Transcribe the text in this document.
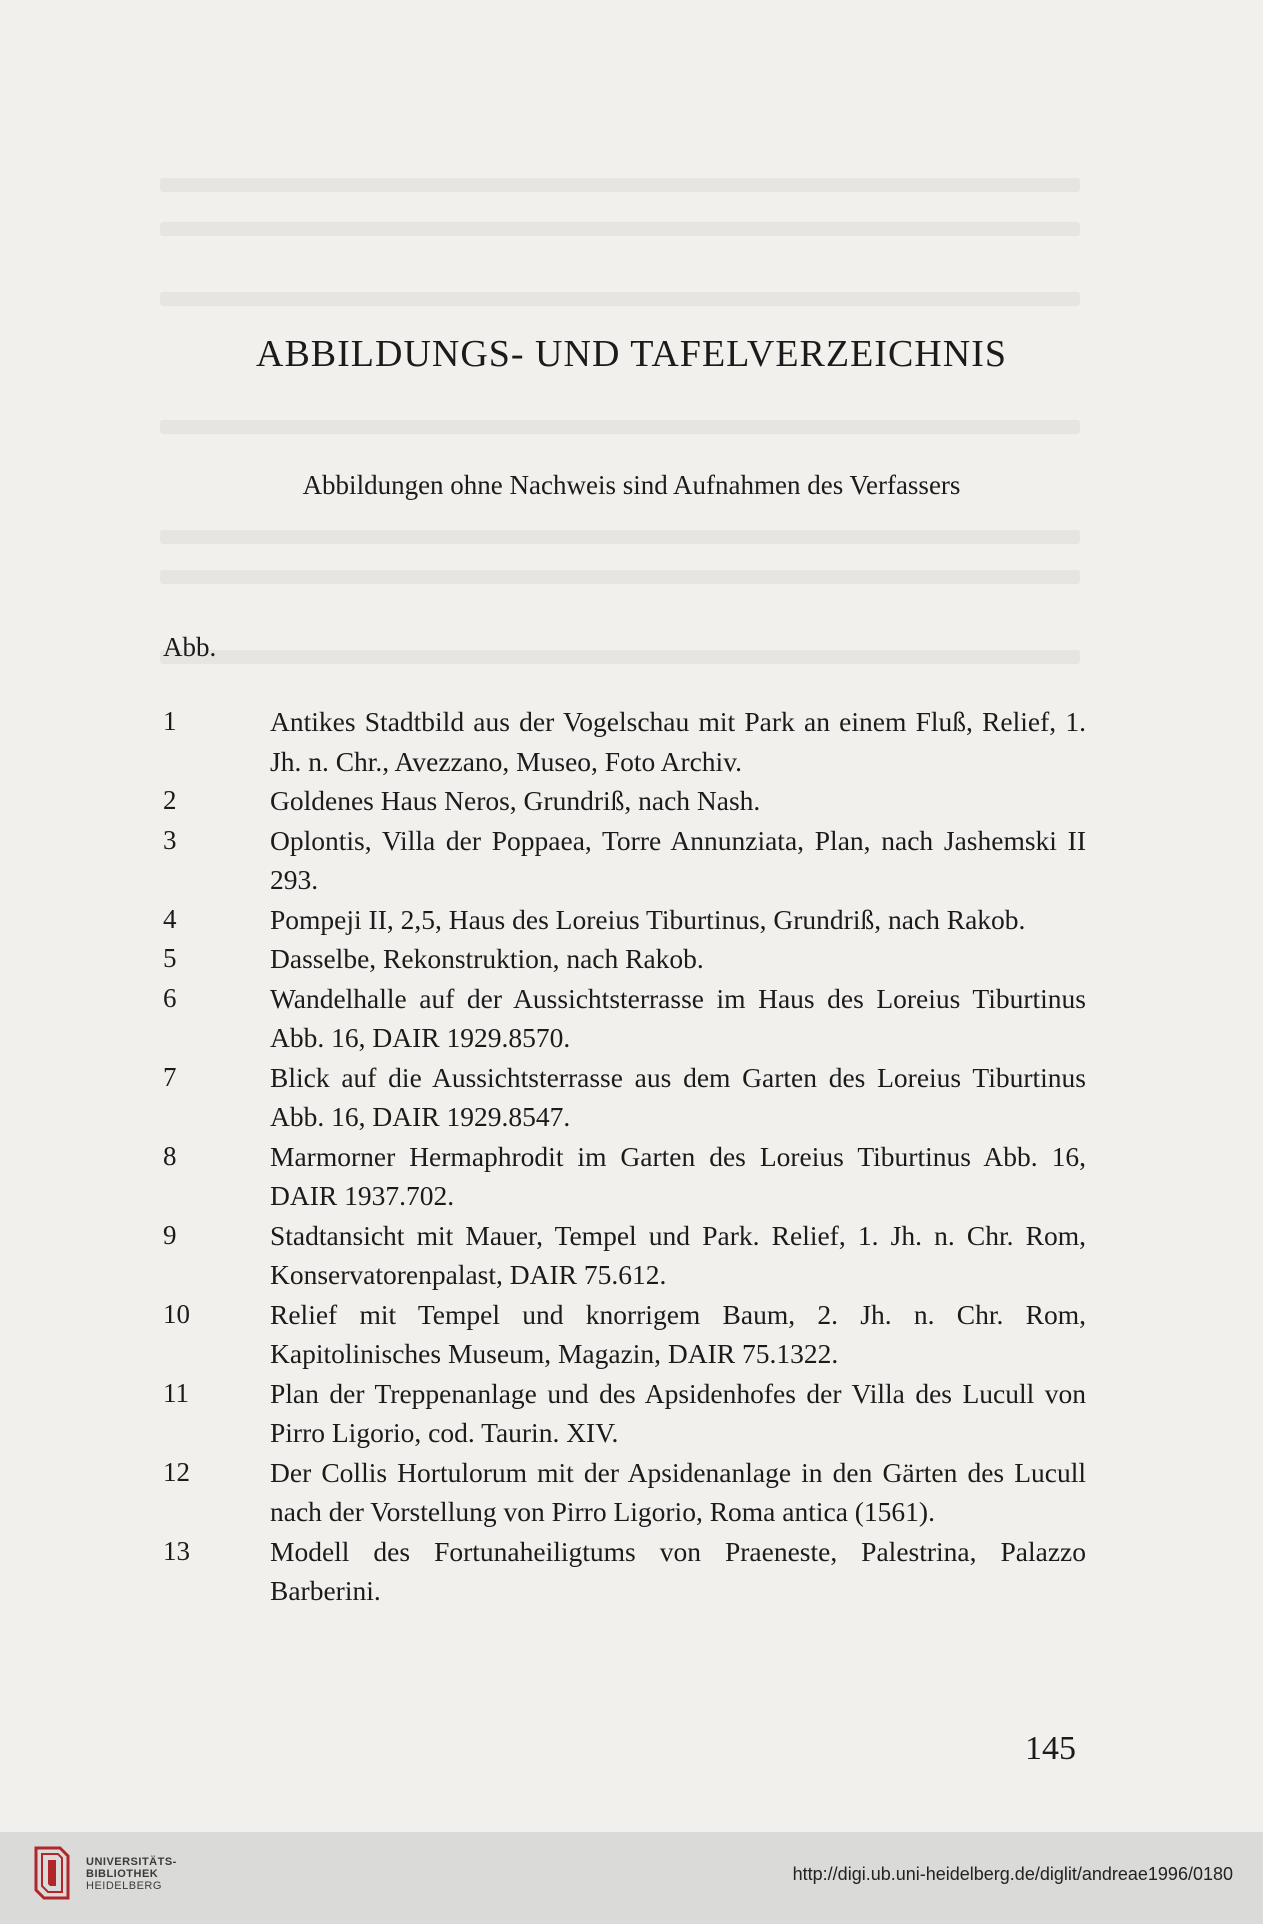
ABBILDUNGS- UND TAFELVERZEICHNIS
Abbildungen ohne Nachweis sind Aufnahmen des Verfassers
Abb.
1	Antikes Stadtbild aus der Vogelschau mit Park an einem Fluß, Relief, 1. Jh. n. Chr., Avezzano, Museo, Foto Archiv.
2	Goldenes Haus Neros, Grundriß, nach Nash.
3	Oplontis, Villa der Poppaea, Torre Annunziata, Plan, nach Jashemski II 293.
4	Pompeji II, 2,5, Haus des Loreius Tiburtinus, Grundriß, nach Rakob.
5	Dasselbe, Rekonstruktion, nach Rakob.
6	Wandelhalle auf der Aussichtsterrasse im Haus des Loreius Tiburtinus Abb. 16, DAIR 1929.8570.
7	Blick auf die Aussichtsterrasse aus dem Garten des Loreius Tiburtinus Abb. 16, DAIR 1929.8547.
8	Marmorner Hermaphrodit im Garten des Loreius Tiburtinus Abb. 16, DAIR 1937.702.
9	Stadtansicht mit Mauer, Tempel und Park. Relief, 1. Jh. n. Chr. Rom, Konservatorenpalast, DAIR 75.612.
10	Relief mit Tempel und knorrigem Baum, 2. Jh. n. Chr. Rom, Kapitolinisches Museum, Magazin, DAIR 75.1322.
11	Plan der Treppenanlage und des Apsidenhofes der Villa des Lucull von Pirro Ligorio, cod. Taurin. XIV.
12	Der Collis Hortulorum mit der Apsidenanlage in den Gärten des Lucull nach der Vorstellung von Pirro Ligorio, Roma antica (1561).
13	Modell des Fortunaheiligtums von Praeneste, Palestrina, Palazzo Barberini.
145
UNIVERSITÄTS-
BIBLIOTHEK
HEIDELBERG
http://digi.ub.uni-heidelberg.de/diglit/andreae1996/0180
